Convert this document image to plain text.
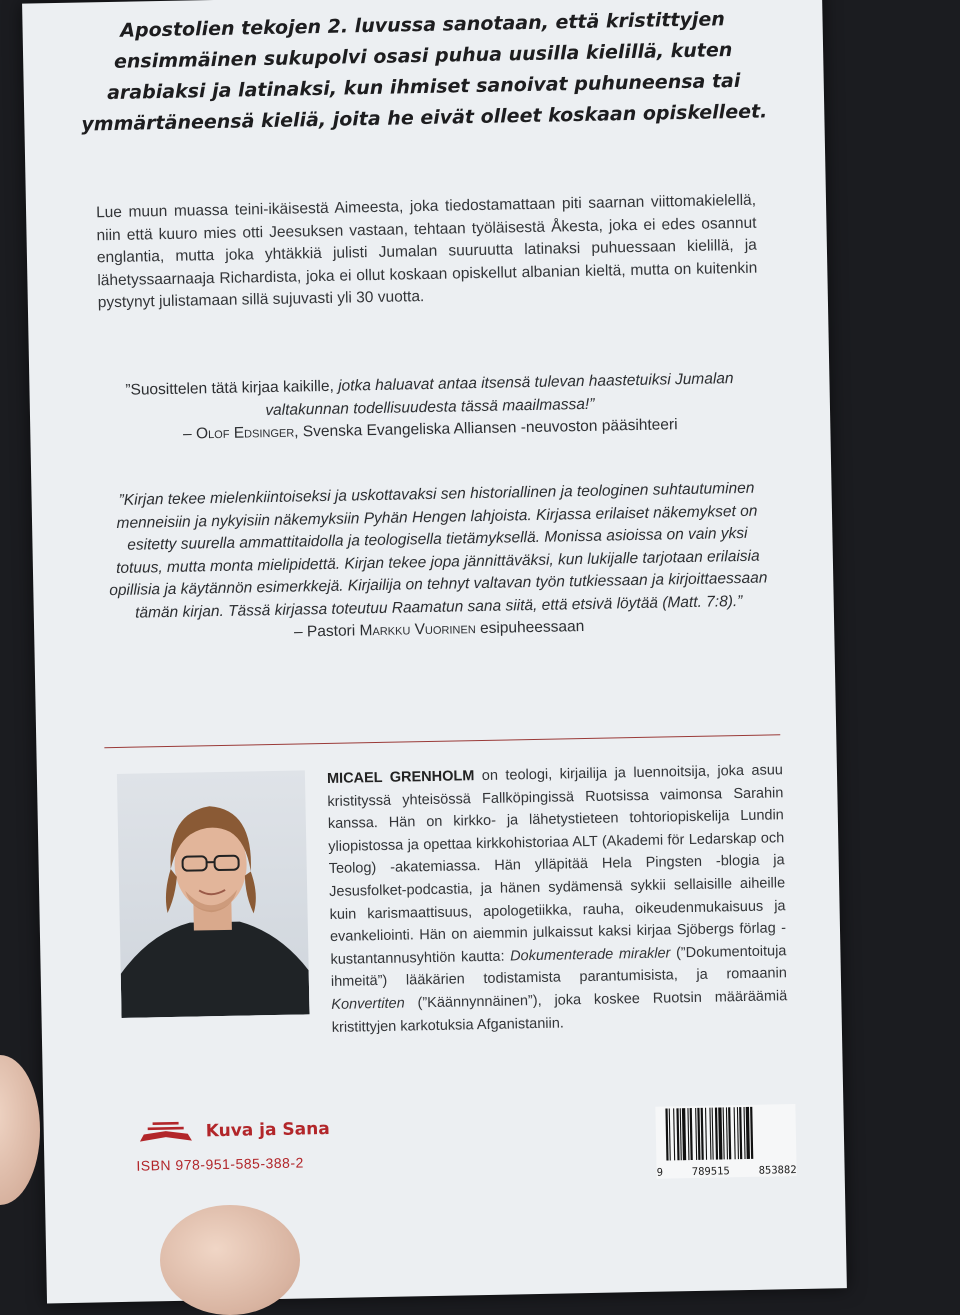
Apostolien tekojen 2. luvussa sanotaan, että kristittyjen ensimmäinen sukupolvi osasi puhua uusilla kielillä, kuten arabiaksi ja latinaksi, kun ihmiset sanoivat puhuneensa tai ymmärtäneensä kieliä, joita he eivät olleet koskaan opiskelleet.
Lue muun muassa teini-ikäisestä Aimeesta, joka tiedostamattaan piti saarnan viittomakielellä, niin että kuuro mies otti Jeesuksen vastaan, tehtaan työläisestä Åkesta, joka ei edes osannut englantia, mutta joka yhtäkkiä julisti Jumalan suuruutta latinaksi puhuessaan kielillä, ja lähetyssaarnaaja Richardista, joka ei ollut koskaan opiskellut albanian kieltä, mutta on kuitenkin pystynyt julistamaan sillä sujuvasti yli 30 vuotta.
”Suosittelen tätä kirjaa kaikille, jotka haluavat antaa itsensä tulevan haastetuiksi Jumalan valtakunnan todellisuudesta tässä maailmassa!”
– Olof Edsinger, Svenska Evangeliska Alliansen -neuvoston pääsihteeri
”Kirjan tekee mielenkiintoiseksi ja uskottavaksi sen historiallinen ja teologinen suhtautuminen menneisiin ja nykyisiin näkemyksiin Pyhän Hengen lahjoista. Kirjassa erilaiset näkemykset on esitetty suurella ammattitaidolla ja teologisella tietämyksellä. Monissa asioissa on vain yksi totuus, mutta monta mielipidettä. Kirjan tekee jopa jännittäväksi, kun lukijalle tarjotaan erilaisia opillisia ja käytännön esimerkkejä. Kirjailija on tehnyt valtavan työn tutkiessaan ja kirjoittaessaan tämän kirjan. Tässä kirjassa toteutuu Raamatun sana siitä, että etsivä löytää (Matt. 7:8).”
– Pastori Markku Vuorinen esipuheessaan
MICAEL GRENHOLM on teologi, kirjailija ja luennoitsija, joka asuu kristityssä yhteisössä Fallköpingissä Ruotsissa vaimonsa Sarahin kanssa. Hän on kirkko- ja lähetystieteen tohtoriopiskelija Lundin yliopistossa ja opettaa kirkkohistoriaa ALT (Akademi för Ledarskap och Teolog) -akatemiassa. Hän ylläpitää Hela Pingsten -blogia ja Jesusfolket-podcastia, ja hänen sydämensä sykkii sellaisille aiheille kuin karismaattisuus, apologetiikka, rauha, oikeudenmukaisuus ja evankeliointi. Hän on aiemmin julkaissut kaksi kirjaa Sjöbergs förlag -kustantannusyhtiön kautta: Dokumenterade mirakler (”Dokumentoituja ihmeitä”) lääkärien todistamista parantumisista, ja romaanin Konvertiten (”Käännynnäinen”), joka koskee Ruotsin määräämiä kristittyjen karkotuksia Afganistaniin.
Kuva ja Sana
ISBN 978-951-585-388-2	9	789515	853882
